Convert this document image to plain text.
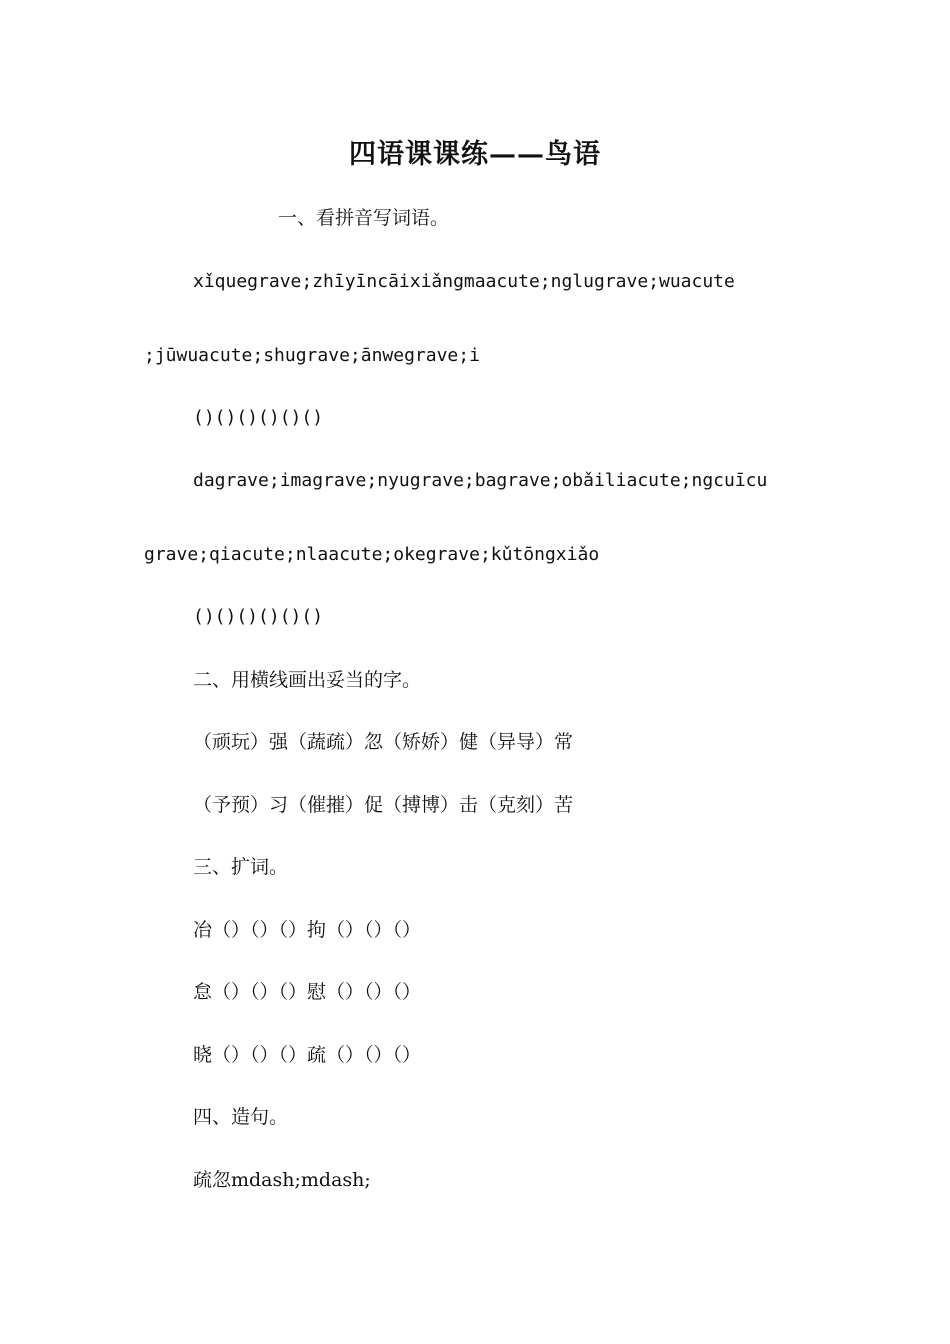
四语课课练——鸟语
一、看拼音写词语。
xǐquegrave;zhīyīncāixiǎngmaacute;nglugrave;wuacute
;jūwuacute;shugrave;ānwegrave;i
()()()()()()
dagrave;imagrave;nyugrave;bagrave;obǎiliacute;ngcuīcu
grave;qiacute;nlaacute;okegrave;kǔtōngxiǎo
()()()()()()
二、用横线画出妥当的字。
（顽玩）强（蔬疏）忽（矫娇）健（异导）常
（予预）习（催摧）促（搏博）击（克刻）苦
三、扩词。
冶（）（）（）拘（）（）（）
怠（）（）（）慰（）（）（）
晓（）（）（）疏（）（）（）
四、造句。
疏忽mdash;mdash;
